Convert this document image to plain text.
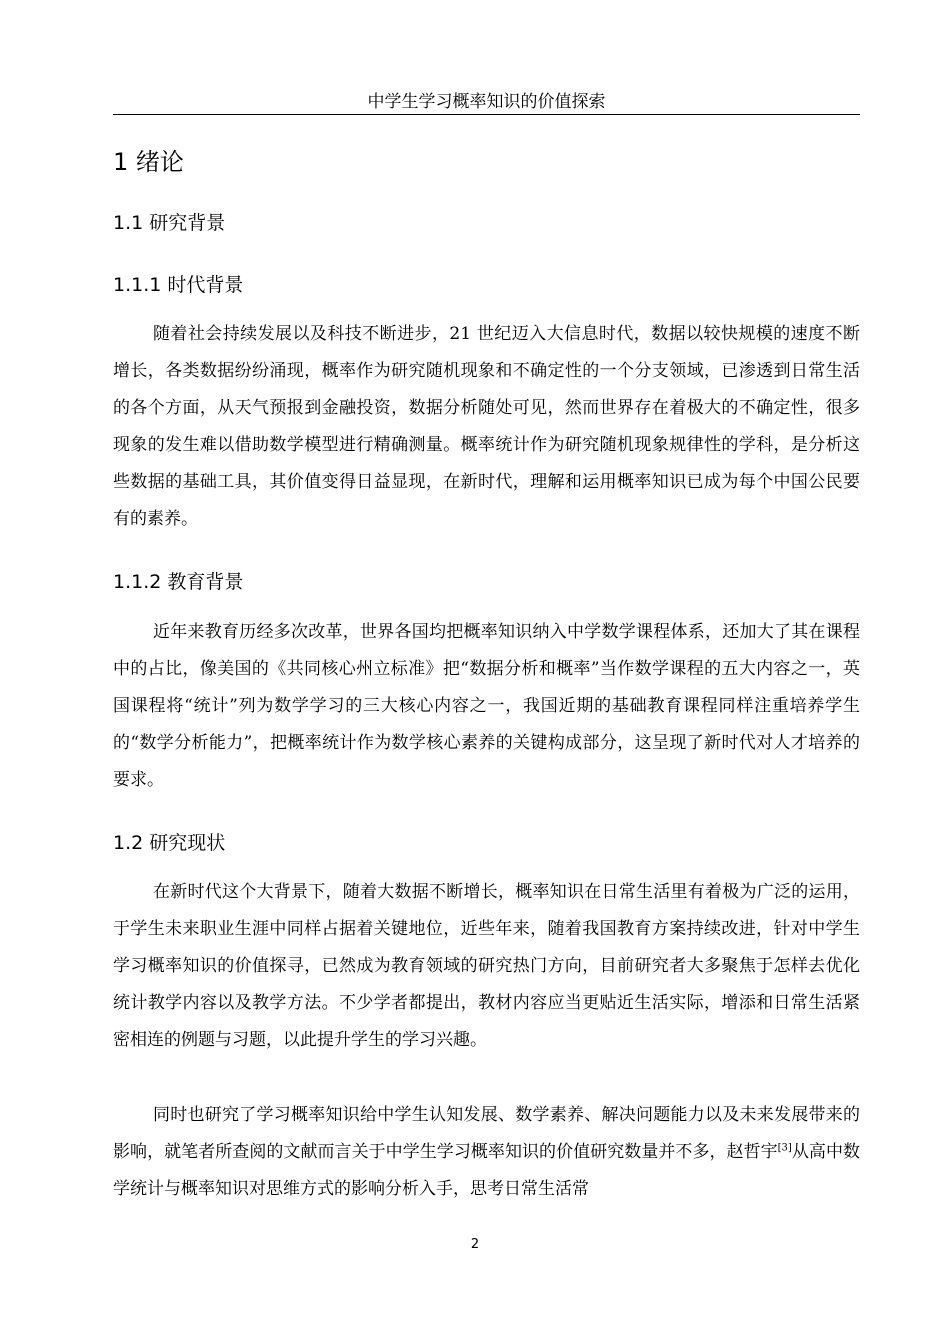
中学生学习概率知识的价值探索
1 绪论
1.1 研究背景
1.1.1 时代背景

随着社会持续发展以及科技不断进步，21 世纪迈入大信息时代，数据以较快规模的速度不断增长，各类数据纷纷涌现，概率作为研究随机现象和不确定性的一个分支领域，已渗透到日常生活的各个方面，从天气预报到金融投资，数据分析随处可见，然而世界存在着极大的不确定性，很多现象的发生难以借助数学模型进行精确测量。概率统计作为研究随机现象规律性的学科，是分析这些数据的基础工具，其价值变得日益显现，在新时代，理解和运用概率知识已成为每个中国公民要有的素养。

1.1.2 教育背景

近年来教育历经多次改革，世界各国均把概率知识纳入中学数学课程体系，还加大了其在课程中的占比，像美国的《共同核心州立标准》把“数据分析和概率”当作数学课程的五大内容之一，英国课程将“统计”列为数学学习的三大核心内容之一，我国近期的基础教育课程同样注重培养学生的“数学分析能力”，把概率统计作为数学核心素养的关键构成部分，这呈现了新时代对人才培养的要求。

1.2 研究现状

在新时代这个大背景下，随着大数据不断增长，概率知识在日常生活里有着极为广泛的运用，于学生未来职业生涯中同样占据着关键地位，近些年来，随着我国教育方案持续改进，针对中学生学习概率知识的价值探寻，已然成为教育领域的研究热门方向，目前研究者大多聚焦于怎样去优化统计教学内容以及教学方法。不少学者都提出，教材内容应当更贴近生活实际，增添和日常生活紧密相连的例题与习题，以此提升学生的学习兴趣。

同时也研究了学习概率知识给中学生认知发展、数学素养、解决问题能力以及未来发展带来的影响，就笔者所查阅的文献而言关于中学生学习概率知识的价值研究数量并不多，赵哲宇[3]从高中数学统计与概率知识对思维方式的影响分析入手，思考日常生活常

2
